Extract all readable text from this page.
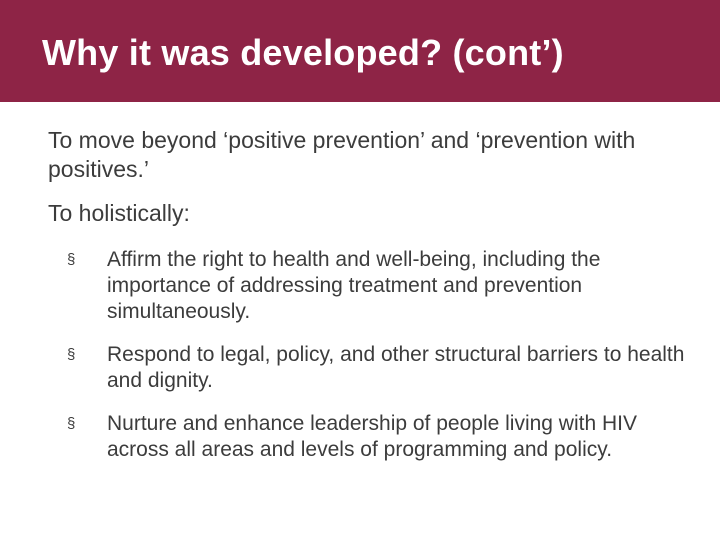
Why it was developed? (cont’)

To move beyond ‘positive prevention’ and ‘prevention with positives.’

To holistically:

§ Affirm the right to health and well-being, including the importance of addressing treatment and prevention simultaneously.
§ Respond to legal, policy, and other structural barriers to health and dignity.
§ Nurture and enhance leadership of people living with HIV across all areas and levels of programming and policy.
